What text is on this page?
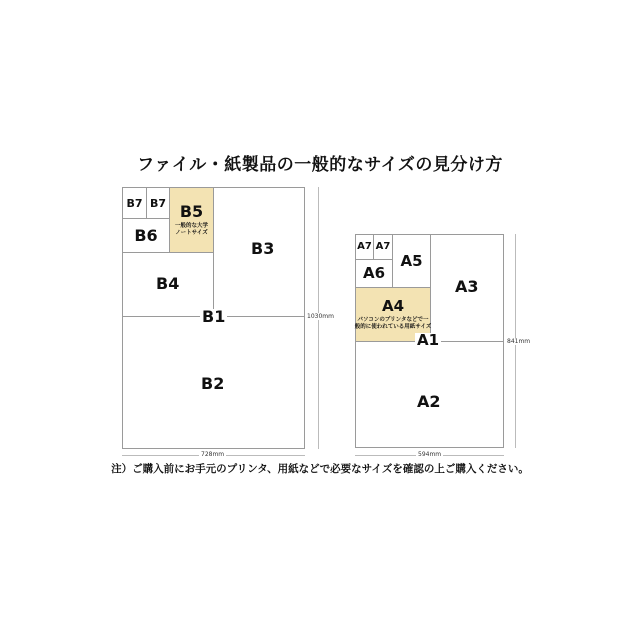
ファイル・紙製品の一般的なサイズの見分け方
B7 B7
B6
B5
一般的な大学
ノートサイズ
B3
B4
B1
B2
1030mm
728mm
A7 A7
A6
A5
A4
パソコンのプリンタなどで一
般的に使われている用紙サイズ
A3
A1
A2
841mm
594mm
注）ご購入前にお手元のプリンタ、用紙などで必要なサイズを確認の上ご購入ください。
